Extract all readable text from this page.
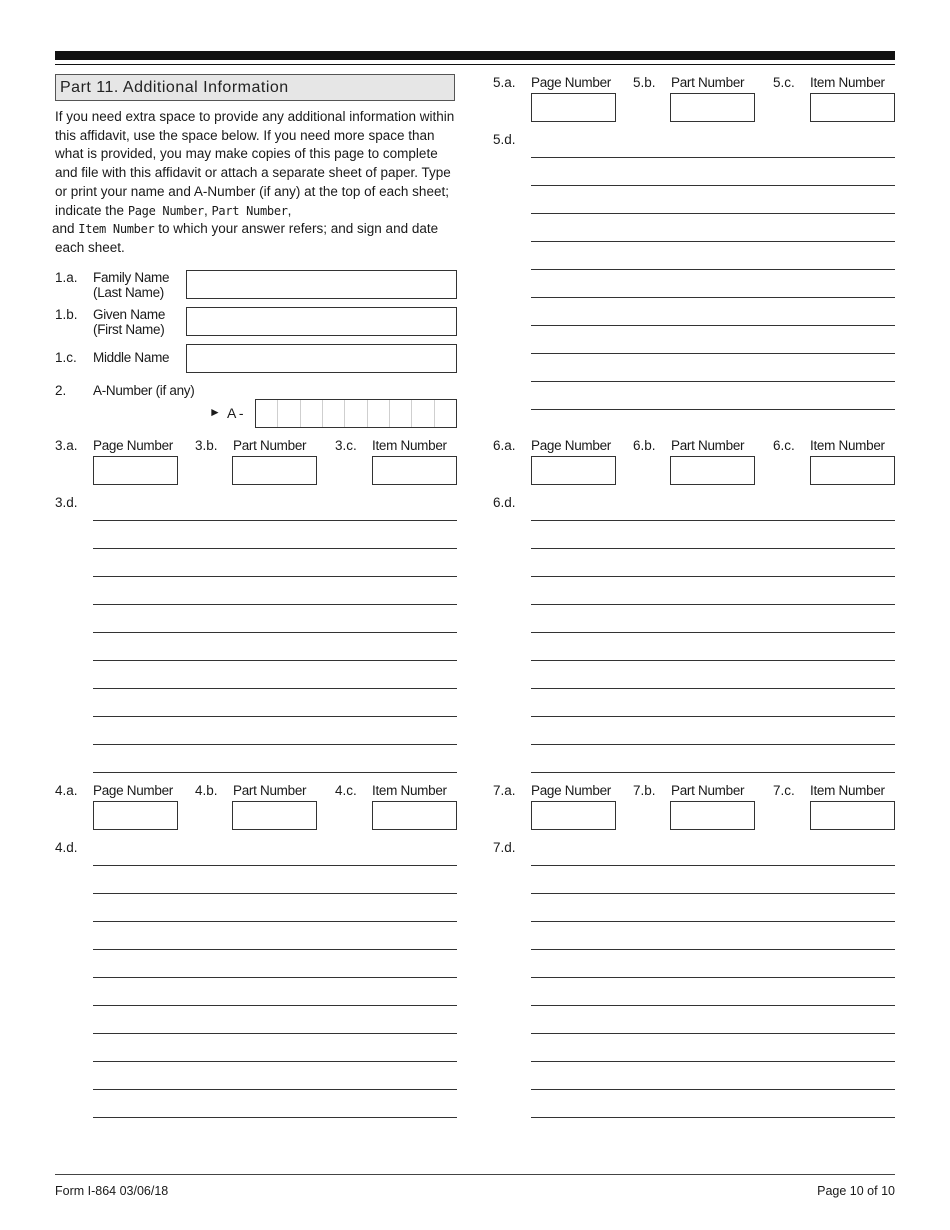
Part 11. Additional Information
If you need extra space to provide any additional information within this affidavit, use the space below. If you need more space than what is provided, you may make copies of this page to complete and file with this affidavit or attach a separate sheet of paper. Type or print your name and A-Number (if any) at the top of each sheet; indicate the Page Number, Part Number,
and Item Number to which your answer refers; and sign and date each sheet.
1.a. Family Name
(Last Name)
1.b. Given Name
(First Name)
1.c. Middle Name
2. A-Number (if any)
► A -
3.a. Page Number 3.b. Part Number 3.c. Item Number
3.d.
4.a. Page Number 4.b. Part Number 4.c. Item Number
4.d.
5.a. Page Number 5.b. Part Number 5.c. Item Number
5.d.
6.a. Page Number 6.b. Part Number 6.c. Item Number
6.d.
7.a. Page Number 7.b. Part Number 7.c. Item Number
7.d.
Form I-864 03/06/18	Page 10 of 10
